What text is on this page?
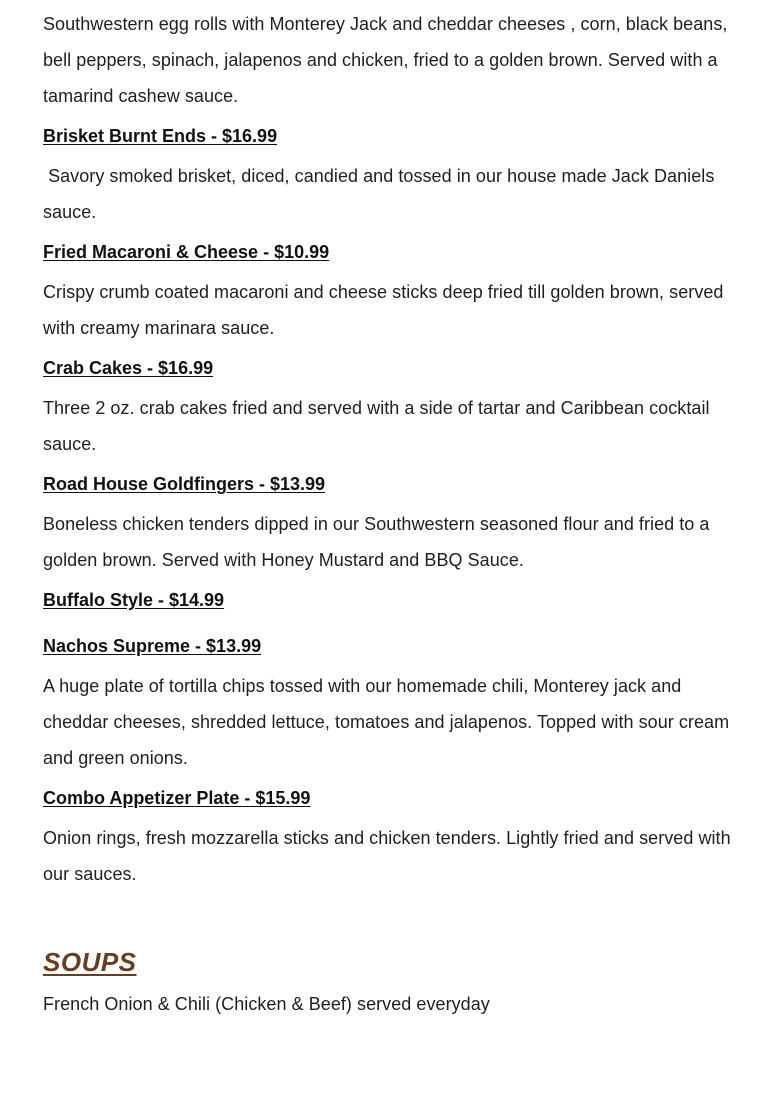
Southwestern egg rolls with Monterey Jack and cheddar cheeses , corn, black beans, bell peppers, spinach, jalapenos and chicken, fried to a golden brown. Served with a tamarind cashew sauce.

Brisket Burnt Ends - $16.99

Savory smoked brisket, diced, candied and tossed in our house made Jack Daniels sauce.

Fried Macaroni & Cheese - $10.99

Crispy crumb coated macaroni and cheese sticks deep fried till golden brown, served with creamy marinara sauce.

Crab Cakes - $16.99

Three 2 oz. crab cakes fried and served with a side of tartar and Caribbean cocktail sauce.

Road House Goldfingers - $13.99

Boneless chicken tenders dipped in our Southwestern seasoned flour and fried to a golden brown. Served with Honey Mustard and BBQ Sauce.

Buffalo Style - $14.99
Nachos Supreme - $13.99

A huge plate of tortilla chips tossed with our homemade chili, Monterey jack and cheddar cheeses, shredded lettuce, tomatoes and jalapenos. Topped with sour cream and green onions.

Combo Appetizer Plate - $15.99

Onion rings, fresh mozzarella sticks and chicken tenders. Lightly fried and served with our sauces.

SOUPS

French Onion & Chili (Chicken & Beef) served everyday
